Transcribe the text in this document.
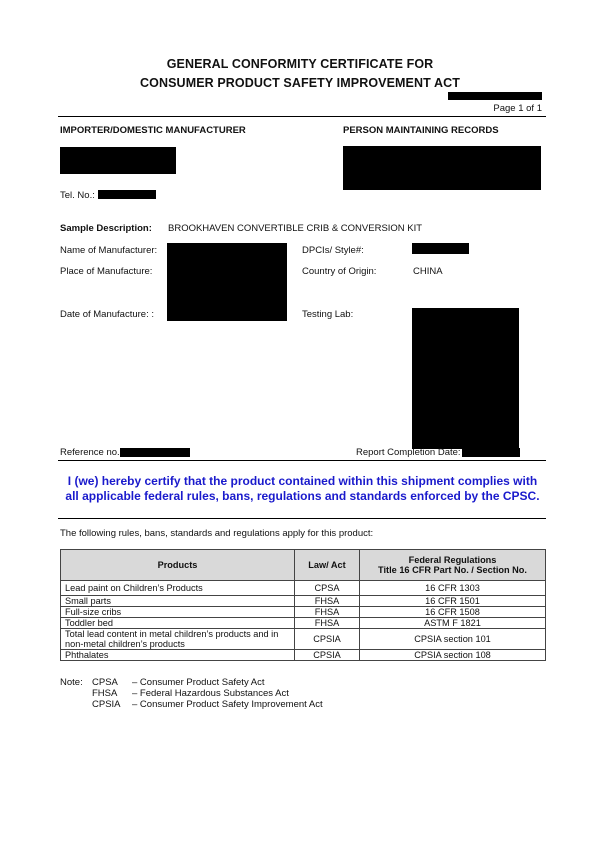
GENERAL CONFORMITY CERTIFICATE FOR
CONSUMER PRODUCT SAFETY IMPROVEMENT ACT
Page 1 of 1
IMPORTER/DOMESTIC MANUFACTURER	PERSON MAINTAINING RECORDS
Tel. No.:
Sample Description: BROOKHAVEN CONVERTIBLE CRIB & CONVERSION KIT
Name of Manufacturer:	DPCIs/ Style#:
Place of Manufacture:	Country of Origin:	CHINA
Date of Manufacture: :	Testing Lab:
Reference no.	Report Completion Date:
I (we) hereby certify that the product contained within this shipment complies with all applicable federal rules, bans, regulations and standards enforced by the CPSC.
The following rules, bans, standards and regulations apply for this product:
Products	Law/ Act	Federal Regulations
Title 16 CFR Part No. / Section No.

Lead paint on Children’s Products	CPSA	16 CFR 1303
Small parts	FHSA	16 CFR 1501
Full-size cribs	FHSA	16 CFR 1508
Toddler bed	FHSA	ASTM F 1821
Total lead content in metal children’s products and in non-metal children’s products	CPSIA	CPSIA section 101
Phthalates	CPSIA	CPSIA section 108
Note: CPSA – Consumer Product Safety Act
FHSA – Federal Hazardous Substances Act
CPSIA – Consumer Product Safety Improvement Act
